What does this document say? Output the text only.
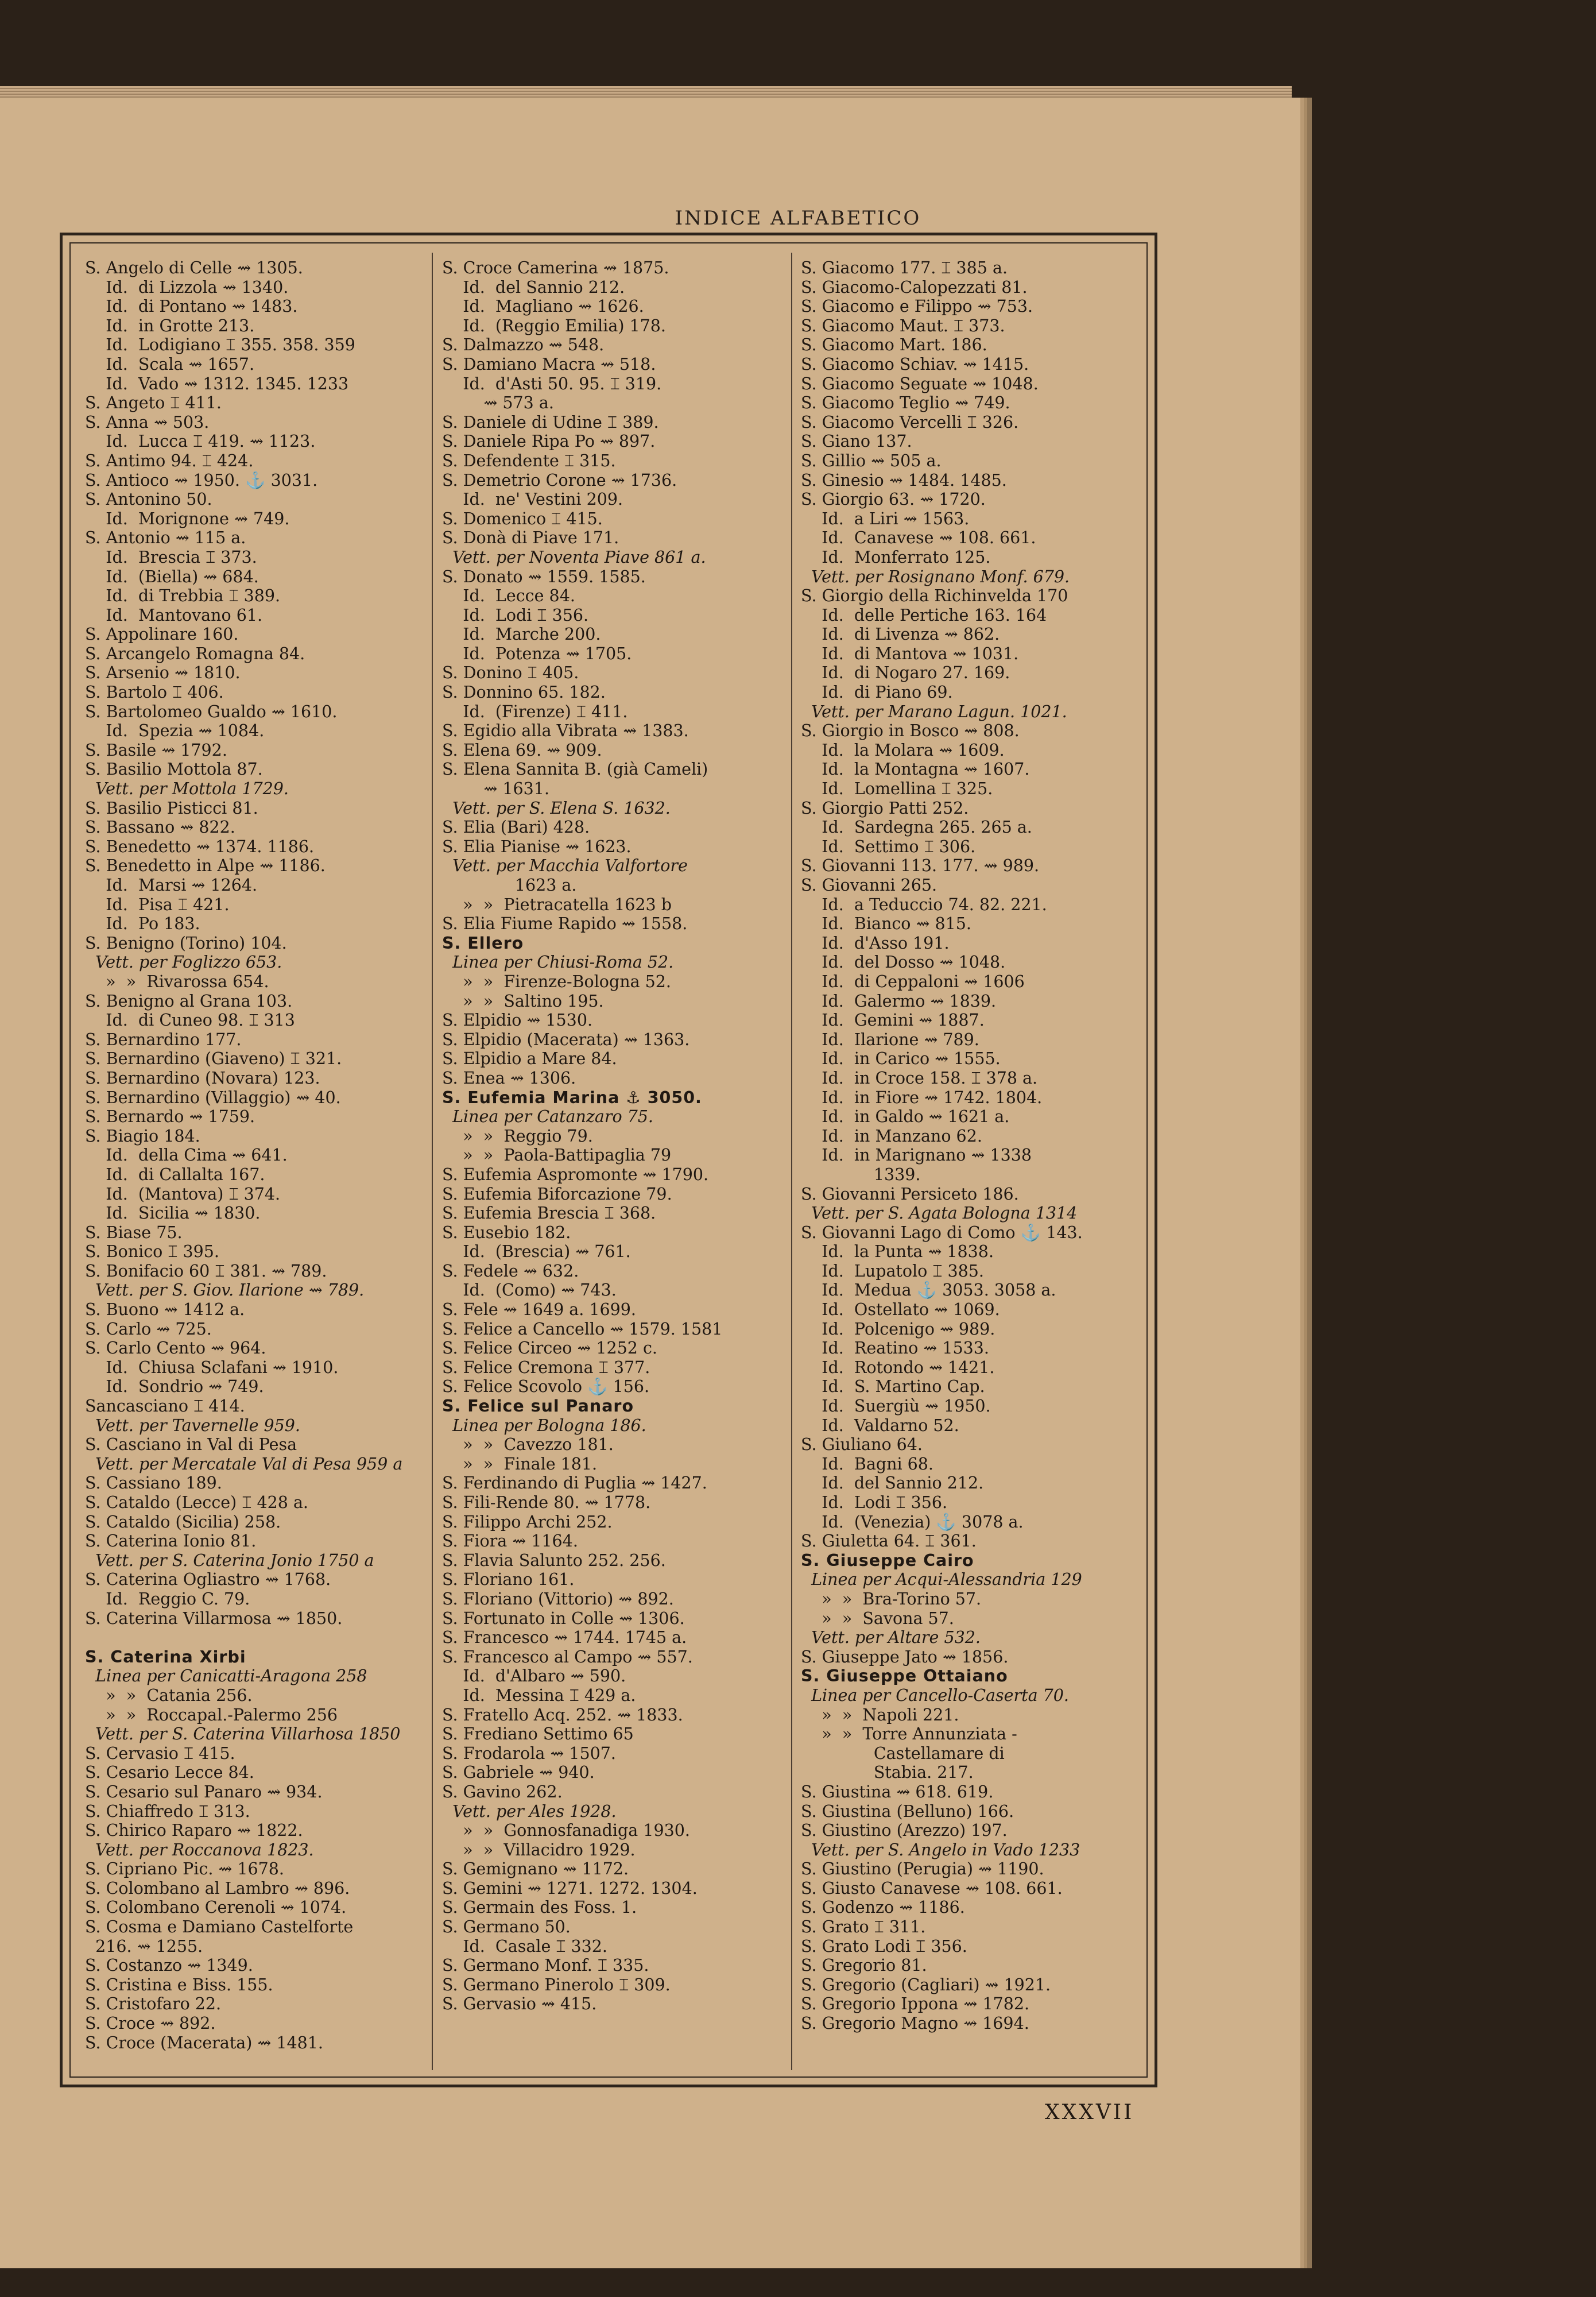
INDICE ALFABETICO
S. Angelo di Celle ⇝ 1305.
Id.  di Lizzola ⇝ 1340.
Id.  di Pontano ⇝ 1483.
Id.  in Grotte 213.
Id.  Lodigiano ⌶ 355. 358. 359
Id.  Scala ⇝ 1657.
Id.  Vado ⇝ 1312. 1345. 1233
S. Angeto ⌶ 411.
S. Anna ⇝ 503.
Id.  Lucca ⌶ 419. ⇝ 1123.
S. Antimo 94. ⌶ 424.
S. Antioco ⇝ 1950. ⚓ 3031.
S. Antonino 50.
Id.  Morignone ⇝ 749.
S. Antonio ⇝ 115 a.
Id.  Brescia ⌶ 373.
Id.  (Biella) ⇝ 684.
Id.  di Trebbia ⌶ 389.
Id.  Mantovano 61.
S. Appolinare 160.
S. Arcangelo Romagna 84.
S. Arsenio ⇝ 1810.
S. Bartolo ⌶ 406.
S. Bartolomeo Gualdo ⇝ 1610.
Id.  Spezia ⇝ 1084.
S. Basile ⇝ 1792.
S. Basilio Mottola 87.
Vett. per Mottola 1729.
S. Basilio Pisticci 81.
S. Bassano ⇝ 822.
S. Benedetto ⇝ 1374. 1186.
S. Benedetto in Alpe ⇝ 1186.
Id.  Marsi ⇝ 1264.
Id.  Pisa ⌶ 421.
Id.  Po 183.
S. Benigno (Torino) 104.
Vett. per Foglizzo 653.
»  »  Rivarossa 654.
S. Benigno al Grana 103.
Id.  di Cuneo 98. ⌶ 313
S. Bernardino 177.
S. Bernardino (Giaveno) ⌶ 321.
S. Bernardino (Novara) 123.
S. Bernardino (Villaggio) ⇝ 40.
S. Bernardo ⇝ 1759.
S. Biagio 184.
Id.  della Cima ⇝ 641.
Id.  di Callalta 167.
Id.  (Mantova) ⌶ 374.
Id.  Sicilia ⇝ 1830.
S. Biase 75.
S. Bonico ⌶ 395.
S. Bonifacio 60 ⌶ 381. ⇝ 789.
Vett. per S. Giov. Ilarione ⇝ 789.
S. Buono ⇝ 1412 a.
S. Carlo ⇝ 725.
S. Carlo Cento ⇝ 964.
Id.  Chiusa Sclafani ⇝ 1910.
Id.  Sondrio ⇝ 749.
Sancasciano ⌶ 414.
Vett. per Tavernelle 959.
S. Casciano in Val di Pesa
Vett. per Mercatale Val di Pesa 959 a
S. Cassiano 189.
S. Cataldo (Lecce) ⌶ 428 a.
S. Cataldo (Sicilia) 258.
S. Caterina Ionio 81.
Vett. per S. Caterina Jonio 1750 a
S. Caterina Ogliastro ⇝ 1768.
Id.  Reggio C. 79.
S. Caterina Villarmosa ⇝ 1850.
S. Caterina Xirbi
Linea per Canicatti-Aragona 258
»  »  Catania 256.
»  »  Roccapal.-Palermo 256
Vett. per S. Caterina Villarhosa 1850
S. Cervasio ⌶ 415.
S. Cesario Lecce 84.
S. Cesario sul Panaro ⇝ 934.
S. Chiaffredo ⌶ 313.
S. Chirico Raparo ⇝ 1822.
Vett. per Roccanova 1823.
S. Cipriano Pic. ⇝ 1678.
S. Colombano al Lambro ⇝ 896.
S. Colombano Cerenoli ⇝ 1074.
S. Cosma e Damiano Castelforte
216. ⇝ 1255.
S. Costanzo ⇝ 1349.
S. Cristina e Biss. 155.
S. Cristofaro 22.
S. Croce ⇝ 892.
S. Croce (Macerata) ⇝ 1481.
S. Croce Camerina ⇝ 1875.
Id.  del Sannio 212.
Id.  Magliano ⇝ 1626.
Id.  (Reggio Emilia) 178.
S. Dalmazzo ⇝ 548.
S. Damiano Macra ⇝ 518.
Id.  d'Asti 50. 95. ⌶ 319.
⇝ 573 a.
S. Daniele di Udine ⌶ 389.
S. Daniele Ripa Po ⇝ 897.
S. Defendente ⌶ 315.
S. Demetrio Corone ⇝ 1736.
Id.  ne' Vestini 209.
S. Domenico ⌶ 415.
S. Donà di Piave 171.
Vett. per Noventa Piave 861 a.
S. Donato ⇝ 1559. 1585.
Id.  Lecce 84.
Id.  Lodi ⌶ 356.
Id.  Marche 200.
Id.  Potenza ⇝ 1705.
S. Donino ⌶ 405.
S. Donnino 65. 182.
Id.  (Firenze) ⌶ 411.
S. Egidio alla Vibrata ⇝ 1383.
S. Elena 69. ⇝ 909.
S. Elena Sannita B. (già Cameli)
⇝ 1631.
Vett. per S. Elena S. 1632.
S. Elia (Bari) 428.
S. Elia Pianise ⇝ 1623.
Vett. per Macchia Valfortore
1623 a.
»  »  Pietracatella 1623 b
S. Elia Fiume Rapido ⇝ 1558.
S. Ellero
Linea per Chiusi-Roma 52.
»  »  Firenze-Bologna 52.
»  »  Saltino 195.
S. Elpidio ⇝ 1530.
S. Elpidio (Macerata) ⇝ 1363.
S. Elpidio a Mare 84.
S. Enea ⇝ 1306.
S. Eufemia Marina ⚓ 3050.
Linea per Catanzaro 75.
»  »  Reggio 79.
»  »  Paola-Battipaglia 79
S. Eufemia Aspromonte ⇝ 1790.
S. Eufemia Biforcazione 79.
S. Eufemia Brescia ⌶ 368.
S. Eusebio 182.
Id.  (Brescia) ⇝ 761.
S. Fedele ⇝ 632.
Id.  (Como) ⇝ 743.
S. Fele ⇝ 1649 a. 1699.
S. Felice a Cancello ⇝ 1579. 1581
S. Felice Circeo ⇝ 1252 c.
S. Felice Cremona ⌶ 377.
S. Felice Scovolo ⚓ 156.
S. Felice sul Panaro
Linea per Bologna 186.
»  »  Cavezzo 181.
»  »  Finale 181.
S. Ferdinando di Puglia ⇝ 1427.
S. Fili-Rende 80. ⇝ 1778.
S. Filippo Archi 252.
S. Fiora ⇝ 1164.
S. Flavia Salunto 252. 256.
S. Floriano 161.
S. Floriano (Vittorio) ⇝ 892.
S. Fortunato in Colle ⇝ 1306.
S. Francesco ⇝ 1744. 1745 a.
S. Francesco al Campo ⇝ 557.
Id.  d'Albaro ⇝ 590.
Id.  Messina ⌶ 429 a.
S. Fratello Acq. 252. ⇝ 1833.
S. Frediano Settimo 65
S. Frodarola ⇝ 1507.
S. Gabriele ⇝ 940.
S. Gavino 262.
Vett. per Ales 1928.
»  »  Gonnosfanadiga 1930.
»  »  Villacidro 1929.
S. Gemignano ⇝ 1172.
S. Gemini ⇝ 1271. 1272. 1304.
S. Germain des Foss. 1.
S. Germano 50.
Id.  Casale ⌶ 332.
S. Germano Monf. ⌶ 335.
S. Germano Pinerolo ⌶ 309.
S. Gervasio ⇝ 415.
S. Giacomo 177. ⌶ 385 a.
S. Giacomo-Calopezzati 81.
S. Giacomo e Filippo ⇝ 753.
S. Giacomo Maut. ⌶ 373.
S. Giacomo Mart. 186.
S. Giacomo Schiav. ⇝ 1415.
S. Giacomo Seguate ⇝ 1048.
S. Giacomo Teglio ⇝ 749.
S. Giacomo Vercelli ⌶ 326.
S. Giano 137.
S. Gillio ⇝ 505 a.
S. Ginesio ⇝ 1484. 1485.
S. Giorgio 63. ⇝ 1720.
Id.  a Liri ⇝ 1563.
Id.  Canavese ⇝ 108. 661.
Id.  Monferrato 125.
Vett. per Rosignano Monf. 679.
S. Giorgio della Richinvelda 170
Id.  delle Pertiche 163. 164
Id.  di Livenza ⇝ 862.
Id.  di Mantova ⇝ 1031.
Id.  di Nogaro 27. 169.
Id.  di Piano 69.
Vett. per Marano Lagun. 1021.
S. Giorgio in Bosco ⇝ 808.
Id.  la Molara ⇝ 1609.
Id.  la Montagna ⇝ 1607.
Id.  Lomellina ⌶ 325.
S. Giorgio Patti 252.
Id.  Sardegna 265. 265 a.
Id.  Settimo ⌶ 306.
S. Giovanni 113. 177. ⇝ 989.
S. Giovanni 265.
Id.  a Teduccio 74. 82. 221.
Id.  Bianco ⇝ 815.
Id.  d'Asso 191.
Id.  del Dosso ⇝ 1048.
Id.  di Ceppaloni ⇝ 1606
Id.  Galermo ⇝ 1839.
Id.  Gemini ⇝ 1887.
Id.  Ilarione ⇝ 789.
Id.  in Carico ⇝ 1555.
Id.  in Croce 158. ⌶ 378 a.
Id.  in Fiore ⇝ 1742. 1804.
Id.  in Galdo ⇝ 1621 a.
Id.  in Manzano 62.
Id.  in Marignano ⇝ 1338
1339.
S. Giovanni Persiceto 186.
Vett. per S. Agata Bologna 1314
S. Giovanni Lago di Como ⚓ 143.
Id.  la Punta ⇝ 1838.
Id.  Lupatolo ⌶ 385.
Id.  Medua ⚓ 3053. 3058 a.
Id.  Ostellato ⇝ 1069.
Id.  Polcenigo ⇝ 989.
Id.  Reatino ⇝ 1533.
Id.  Rotondo ⇝ 1421.
Id.  S. Martino Cap.
Id.  Suergiù ⇝ 1950.
Id.  Valdarno 52.
S. Giuliano 64.
Id.  Bagni 68.
Id.  del Sannio 212.
Id.  Lodi ⌶ 356.
Id.  (Venezia) ⚓ 3078 a.
S. Giuletta 64. ⌶ 361.
S. Giuseppe Cairo
Linea per Acqui-Alessandria 129
»  »  Bra-Torino 57.
»  »  Savona 57.
Vett. per Altare 532.
S. Giuseppe Jato ⇝ 1856.
S. Giuseppe Ottaiano
Linea per Cancello-Caserta 70.
»  »  Napoli 221.
»  »  Torre Annunziata -
Castellamare di
Stabia. 217.
S. Giustina ⇝ 618. 619.
S. Giustina (Belluno) 166.
S. Giustino (Arezzo) 197.
Vett. per S. Angelo in Vado 1233
S. Giustino (Perugia) ⇝ 1190.
S. Giusto Canavese ⇝ 108. 661.
S. Godenzo ⇝ 1186.
S. Grato ⌶ 311.
S. Grato Lodi ⌶ 356.
S. Gregorio 81.
S. Gregorio (Cagliari) ⇝ 1921.
S. Gregorio Ippona ⇝ 1782.
S. Gregorio Magno ⇝ 1694.
XXXVII
